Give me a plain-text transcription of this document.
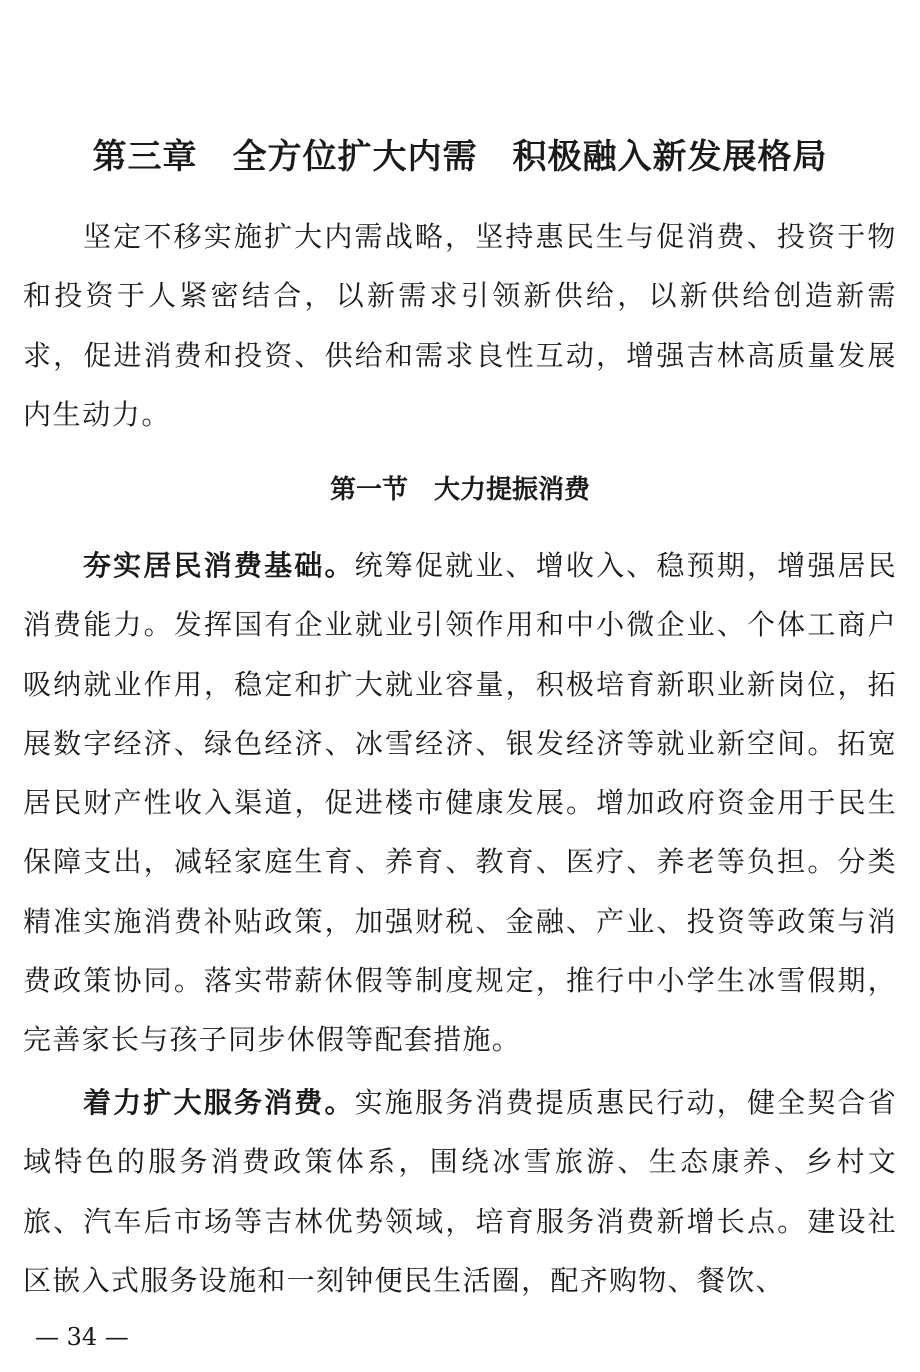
第三章　全方位扩大内需　积极融入新发展格局

坚定不移实施扩大内需战略，坚持惠民生与促消费、投资于物和投资于人紧密结合，以新需求引领新供给，以新供给创造新需求，促进消费和投资、供给和需求良性互动，增强吉林高质量发展内生动力。

第一节　大力提振消费

夯实居民消费基础。统筹促就业、增收入、稳预期，增强居民消费能力。发挥国有企业就业引领作用和中小微企业、个体工商户吸纳就业作用，稳定和扩大就业容量，积极培育新职业新岗位，拓展数字经济、绿色经济、冰雪经济、银发经济等就业新空间。拓宽居民财产性收入渠道，促进楼市健康发展。增加政府资金用于民生保障支出，减轻家庭生育、养育、教育、医疗、养老等负担。分类精准实施消费补贴政策，加强财税、金融、产业、投资等政策与消费政策协同。落实带薪休假等制度规定，推行中小学生冰雪假期，完善家长与孩子同步休假等配套措施。

着力扩大服务消费。实施服务消费提质惠民行动，健全契合省域特色的服务消费政策体系，围绕冰雪旅游、生态康养、乡村文旅、汽车后市场等吉林优势领域，培育服务消费新增长点。建设社区嵌入式服务设施和一刻钟便民生活圈，配齐购物、餐饮、

— 34 —
